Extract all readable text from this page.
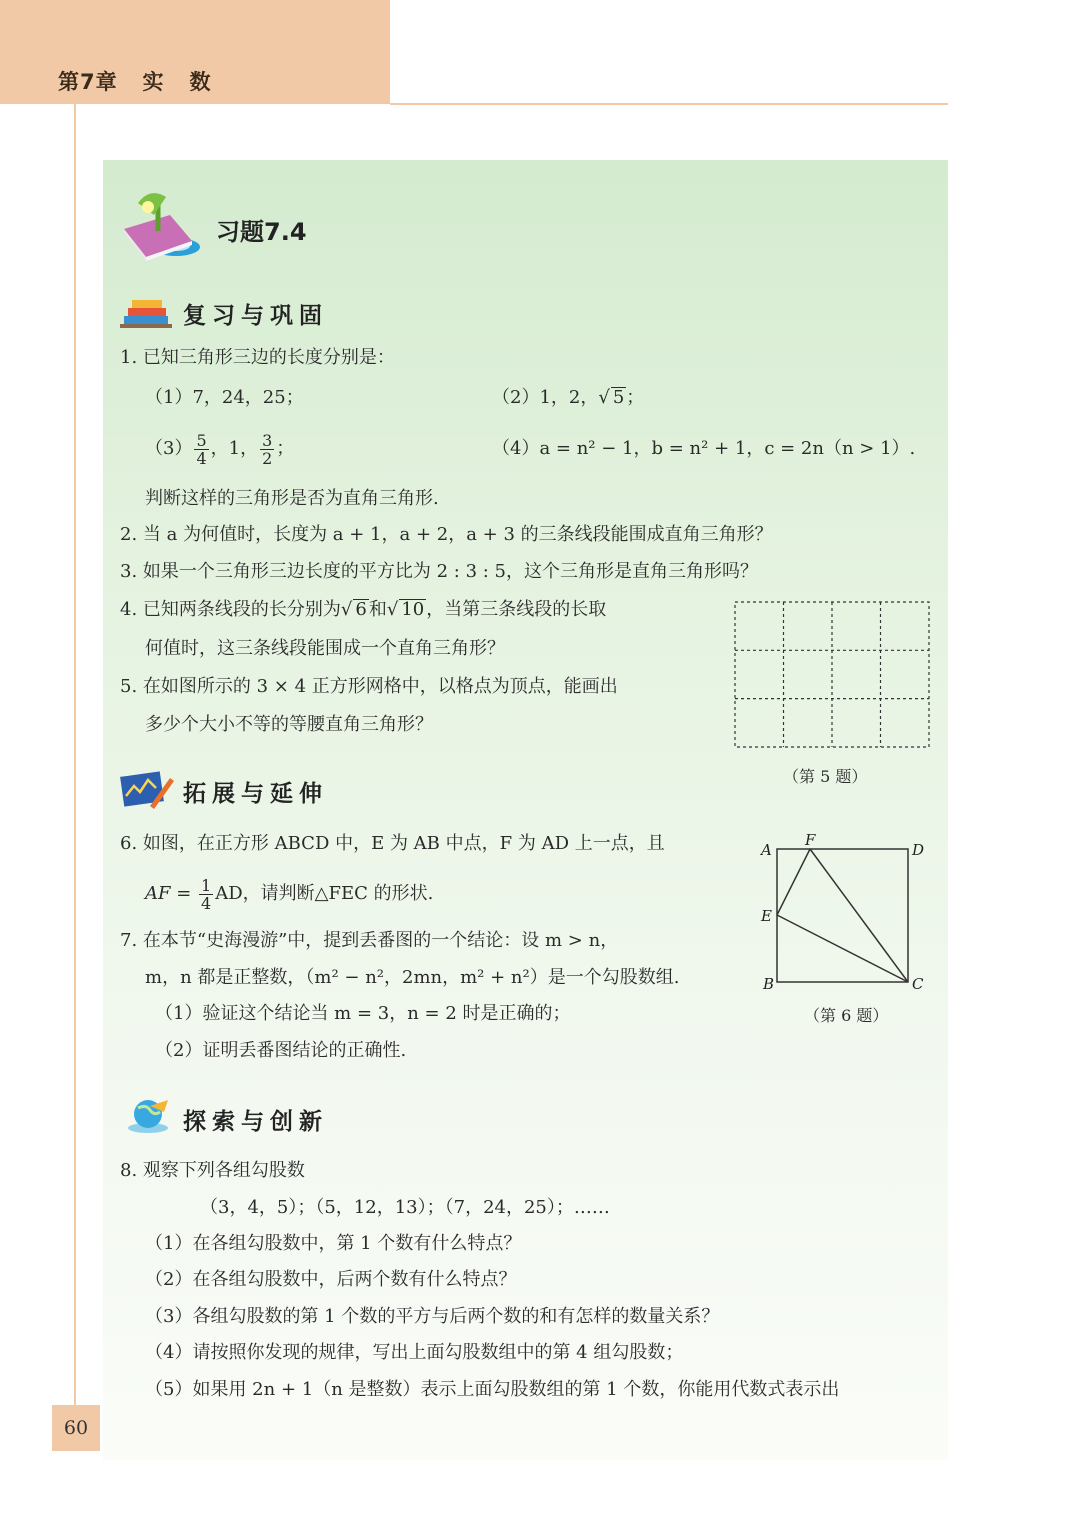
第7章   实   数
习题7.4
复习与巩固
1. 已知三角形三边的长度分别是：
（1）7，24，25；	（2）1，2，√ 5 ；
$(3) \frac{5}{4}$ ，1， $\frac{3}{2}$ ；	（4）a = n² − 1，b = n² + 1，c = 2n（n > 1）.
判断这样的三角形是否为直角三角形.
2. 当 a 为何值时，长度为 a + 1，a + 2，a + 3 的三条线段能围成直角三角形？
3. 如果一个三角形三边长度的平方比为 2 : 3 : 5，这个三角形是直角三角形吗？
4. 已知两条线段的长分别为√ 6 和√ 10 ，当第三条线段的长取
何值时，这三条线段能围成一个直角三角形？
5. 在如图所示的 3 × 4 正方形网格中，以格点为顶点，能画出
多少个大小不等的等腰直角三角形？
（第 5 题）
拓展与延伸
6. 如图，在正方形 ABCD 中，E 为 AB 中点，F 为 AD 上一点，且
AF = $\frac{1}{4}$ AD，请判断△FEC 的形状.
A
F
D
E
B	C
（第 6 题）
7. 在本节“史海漫游”中，提到丢番图的一个结论：设 m > n，
m，n 都是正整数，（m² − n²，2mn，m² + n²）是一个勾股数组.
（1）验证这个结论当 m = 3，n = 2 时是正确的；
（2）证明丢番图结论的正确性.
探索与创新
8. 观察下列各组勾股数
（3，4，5）；（5，12，13）；（7，24，25）；……
（1）在各组勾股数中，第 1 个数有什么特点？
（2）在各组勾股数中，后两个数有什么特点？
（3）各组勾股数的第 1 个数的平方与后两个数的和有怎样的数量关系？
（4）请按照你发现的规律，写出上面勾股数组中的第 4 组勾股数；
（5）如果用 2n + 1（n 是整数）表示上面勾股数组的第 1 个数，你能用代数式表示出
60
